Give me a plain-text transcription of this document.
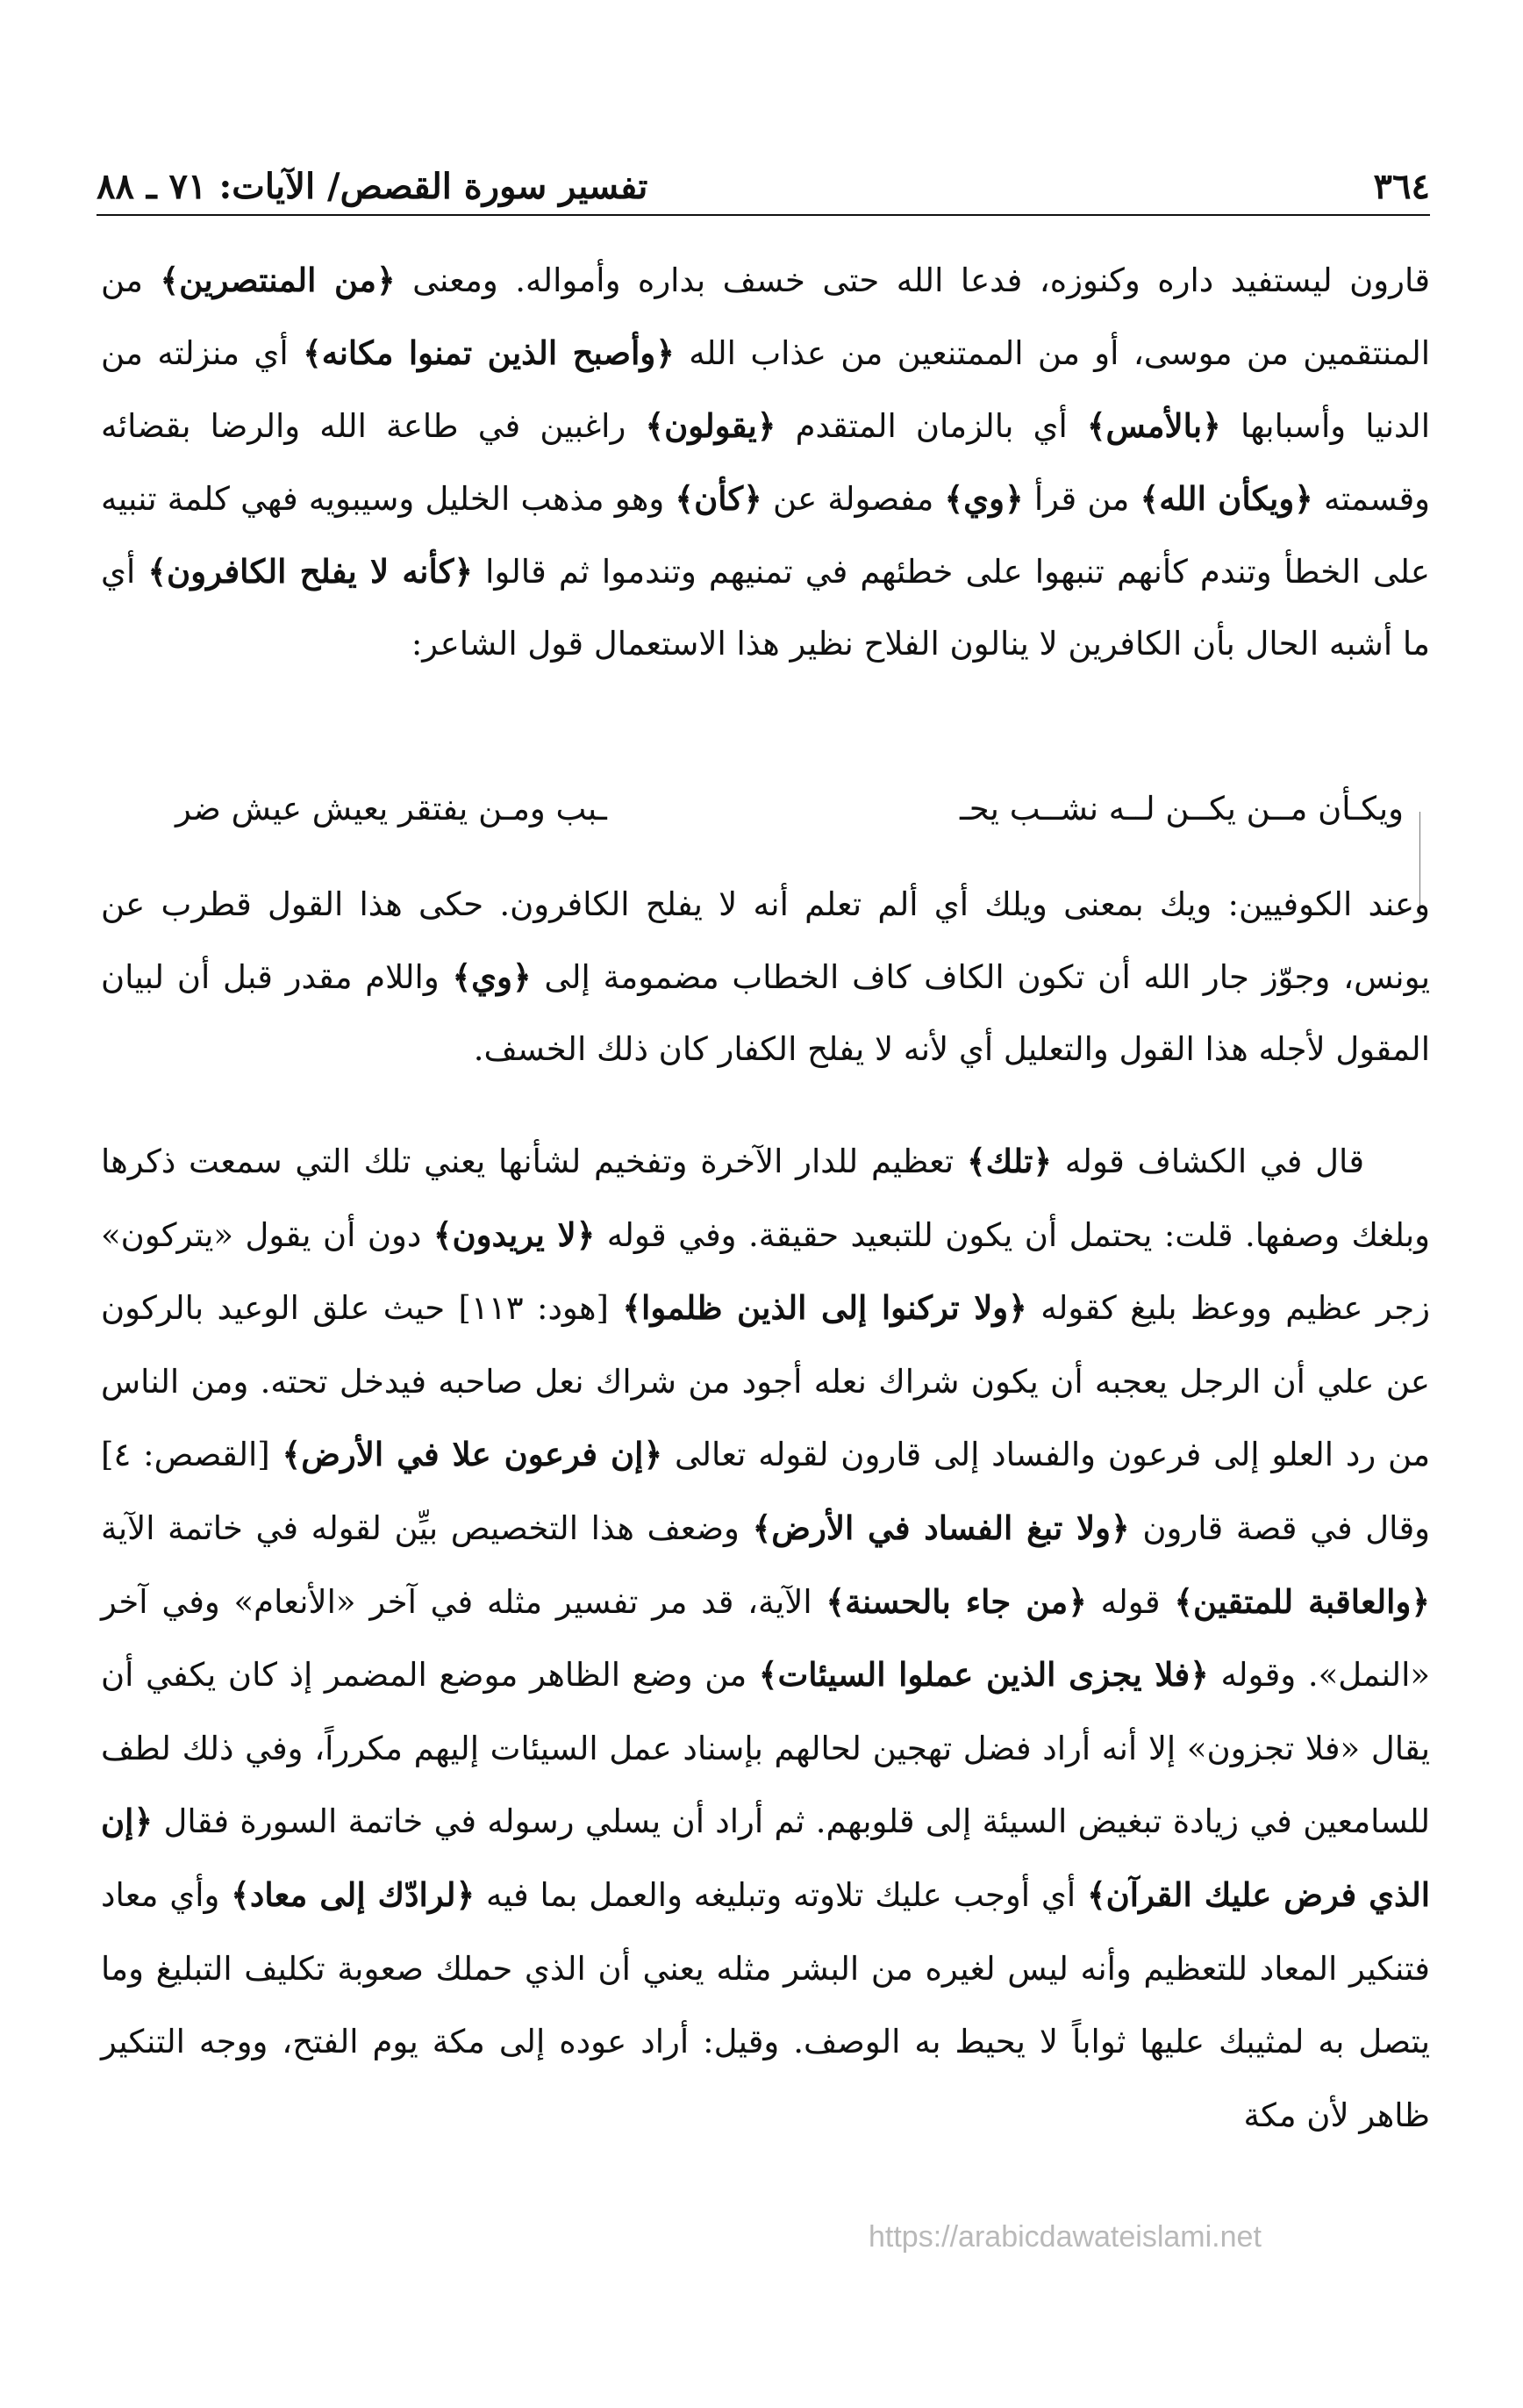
٣٦٤
تفسير سورة القصص/ الآيات: ٧١ ـ ٨٨

قارون ليستفيد داره وكنوزه، فدعا الله حتى خسف بداره وأمواله. ومعنى ﴿من المنتصرين﴾ من المنتقمين من موسى، أو من الممتنعين من عذاب الله ﴿وأصبح الذين تمنوا مكانه﴾ أي منزلته من الدنيا وأسبابها ﴿بالأمس﴾ أي بالزمان المتقدم ﴿يقولون﴾ راغبين في طاعة الله والرضا بقضائه وقسمته ﴿ويكأن الله﴾ من قرأ ﴿وي﴾ مفصولة عن ﴿كأن﴾ وهو مذهب الخليل وسيبويه فهي كلمة تنبيه على الخطأ وتندم كأنهم تنبهوا على خطئهم في تمنيهم وتندموا ثم قالوا ﴿كأنه لا يفلح الكافرون﴾ أي ما أشبه الحال بأن الكافرين لا ينالون الفلاح نظير هذا الاستعمال قول الشاعر:

ويكـأن مــن يكــن لــه نشــب يحـ
ـبب ومـن يفتقر يعيش عيش ضر

وعند الكوفيين: ويك بمعنى ويلك أي ألم تعلم أنه لا يفلح الكافرون. حكى هذا القول قطرب عن يونس، وجوّز جار الله أن تكون الكاف كاف الخطاب مضمومة إلى ﴿وي﴾ واللام مقدر قبل أن لبيان المقول لأجله هذا القول والتعليل أي لأنه لا يفلح الكفار كان ذلك الخسف.

قال في الكشاف قوله ﴿تلك﴾ تعظيم للدار الآخرة وتفخيم لشأنها يعني تلك التي سمعت ذكرها وبلغك وصفها. قلت: يحتمل أن يكون للتبعيد حقيقة. وفي قوله ﴿لا يريدون﴾ دون أن يقول «يتركون» زجر عظيم ووعظ بليغ كقوله ﴿ولا تركنوا إلى الذين ظلموا﴾ [هود: ١١٣] حيث علق الوعيد بالركون عن علي أن الرجل يعجبه أن يكون شراك نعله أجود من شراك نعل صاحبه فيدخل تحته. ومن الناس من رد العلو إلى فرعون والفساد إلى قارون لقوله تعالى ﴿إن فرعون علا في الأرض﴾ [القصص: ٤] وقال في قصة قارون ﴿ولا تبغ الفساد في الأرض﴾ وضعف هذا التخصيص بيِّن لقوله في خاتمة الآية ﴿والعاقبة للمتقين﴾ قوله ﴿من جاء بالحسنة﴾ الآية، قد مر تفسير مثله في آخر «الأنعام» وفي آخر «النمل». وقوله ﴿فلا يجزى الذين عملوا السيئات﴾ من وضع الظاهر موضع المضمر إذ كان يكفي أن يقال «فلا تجزون» إلا أنه أراد فضل تهجين لحالهم بإسناد عمل السيئات إليهم مكرراً، وفي ذلك لطف للسامعين في زيادة تبغيض السيئة إلى قلوبهم. ثم أراد أن يسلي رسوله في خاتمة السورة فقال ﴿إن الذي فرض عليك القرآن﴾ أي أوجب عليك تلاوته وتبليغه والعمل بما فيه ﴿لرادّك إلى معاد﴾ وأي معاد فتنكير المعاد للتعظيم وأنه ليس لغيره من البشر مثله يعني أن الذي حملك صعوبة تكليف التبليغ وما يتصل به لمثيبك عليها ثواباً لا يحيط به الوصف. وقيل: أراد عوده إلى مكة يوم الفتح، ووجه التنكير ظاهر لأن مكة

https://arabicdawateislami.net
